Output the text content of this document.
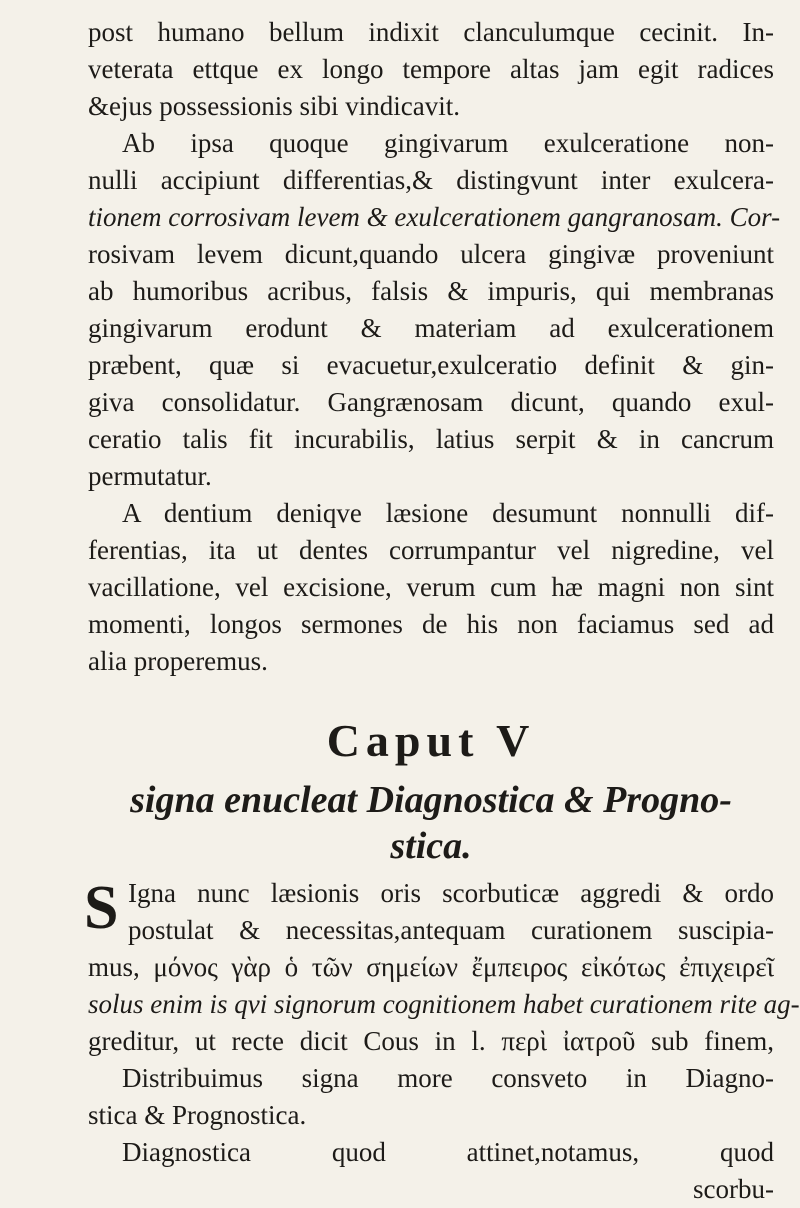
post humano bellum indixit clanculumque cecinit. In-
veterata ettque ex longo tempore altas jam egit radices
&ejus possessionis sibi vindicavit.
Ab ipsa quoque gingivarum exulceratione non-
nulli accipiunt differentias,& distingvunt inter exulcera-
tionem corrosivam levem & exulcerationem gangranosam. Cor-
rosivam levem dicunt,quando ulcera gingivæ proveniunt
ab humoribus acribus, falsis & impuris, qui membranas
gingivarum erodunt & materiam ad exulcerationem
præbent, quæ si evacuetur,exulceratio definit & gin-
giva consolidatur. Gangrænosam dicunt, quando exul-
ceratio talis fit incurabilis, latius serpit & in cancrum
permutatur.
A dentium deniqve læsione desumunt nonnulli dif-
ferentias, ita ut dentes corrumpantur vel nigredine, vel
vacillatione, vel excisione, verum cum hæ magni non sint
momenti, longos sermones de his non faciamus sed ad
alia properemus.
Caput V
signa enucleat Diagnostica & Progno-
stica.
S Igna nunc læsionis oris scorbuticæ aggredi & ordo
postulat & necessitas,antequam curationem suscipia-
mus, μόνος γὰρ ὁ τῶν σημείων ἔμπειρος εἰκότως ἐπιχειρεῖ
solus enim is qvi signorum cognitionem habet curationem rite ag-
greditur, ut recte dicit Cous in l. περὶ ἰατροῦ sub finem,
Distribuimus signa more consveto in Diagno-
stica & Prognostica.
Diagnostica quod attinet,notamus, quod
scorbu-
